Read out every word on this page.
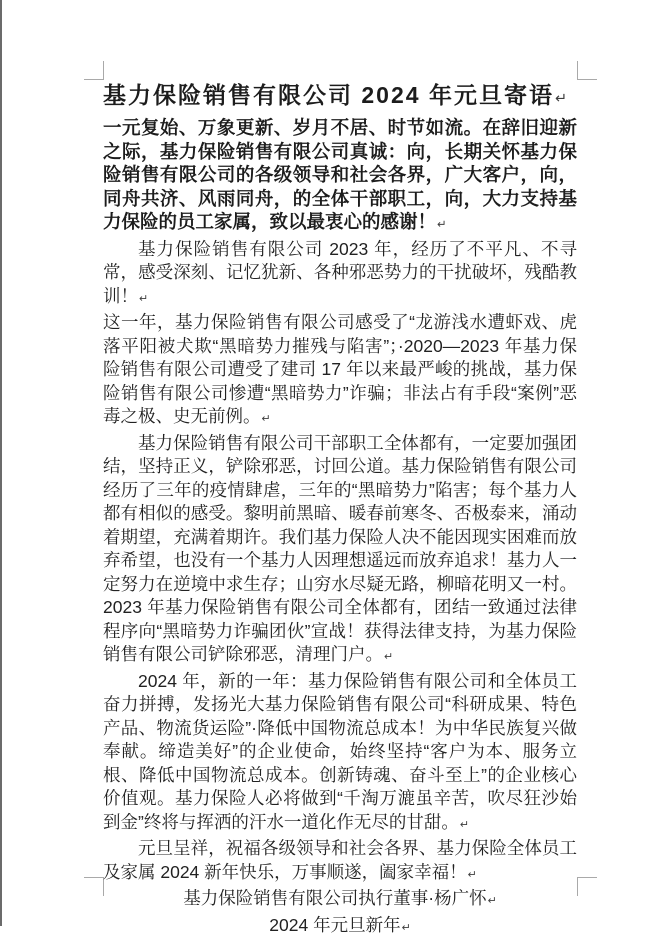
基力保险销售有限公司 2024 年元旦寄语↵

一元复始、万象更新、岁月不居、时节如流。在辞旧迎新之际，基力保险销售有限公司真诚：向，长期关怀基力保险销售有限公司的各级领导和社会各界，广大客户，向，同舟共济、风雨同舟，的全体干部职工，向，大力支持基力保险的员工家属，致以最衷心的感谢！↵

基力保险销售有限公司 2023 年，经历了不平凡、不寻常，感受深刻、记忆犹新、各种邪恶势力的干扰破坏，残酷教训！↵
这一年，基力保险销售有限公司感受了“龙游浅水遭虾戏、虎落平阳被犬欺“黑暗势力摧残与陷害”；·2020—2023 年基力保险销售有限公司遭受了建司 17 年以来最严峻的挑战，基力保险销售有限公司惨遭“黑暗势力”诈骗；非法占有手段“案例”恶毒之极、史无前例。↵

基力保险销售有限公司干部职工全体都有，一定要加强团结，坚持正义，铲除邪恶，讨回公道。基力保险销售有限公司经历了三年的疫情肆虐，三年的“黑暗势力”陷害；每个基力人都有相似的感受。黎明前黑暗、暖春前寒冬、否极泰来，涌动着期望，充满着期许。我们基力保险人决不能因现实困难而放弃希望，也没有一个基力人因理想遥远而放弃追求！基力人一定努力在逆境中求生存；山穷水尽疑无路，柳暗花明又一村。2023 年基力保险销售有限公司全体都有，团结一致通过法律程序向“黑暗势力诈骗团伙”宣战！获得法律支持，为基力保险销售有限公司铲除邪恶，清理门户。↵

2024 年，新的一年：基力保险销售有限公司和全体员工奋力拼搏，发扬光大基力保险销售有限公司“科研成果、特色产品、物流货运险”·降低中国物流总成本！为中华民族复兴做奉献。缔造美好”的企业使命，始终坚持“客户为本、服务立根、降低中国物流总成本。创新铸魂、奋斗至上”的企业核心价值观。基力保险人必将做到“千淘万漉虽辛苦，吹尽狂沙始到金”终将与挥洒的汗水一道化作无尽的甘甜。↵

元旦呈祥，祝福各级领导和社会各界、基力保险全体员工及家属 2024 新年快乐，万事顺遂，阖家幸福！↵

基力保险销售有限公司执行董事·杨广怀↵

2024 年元旦新年↵
